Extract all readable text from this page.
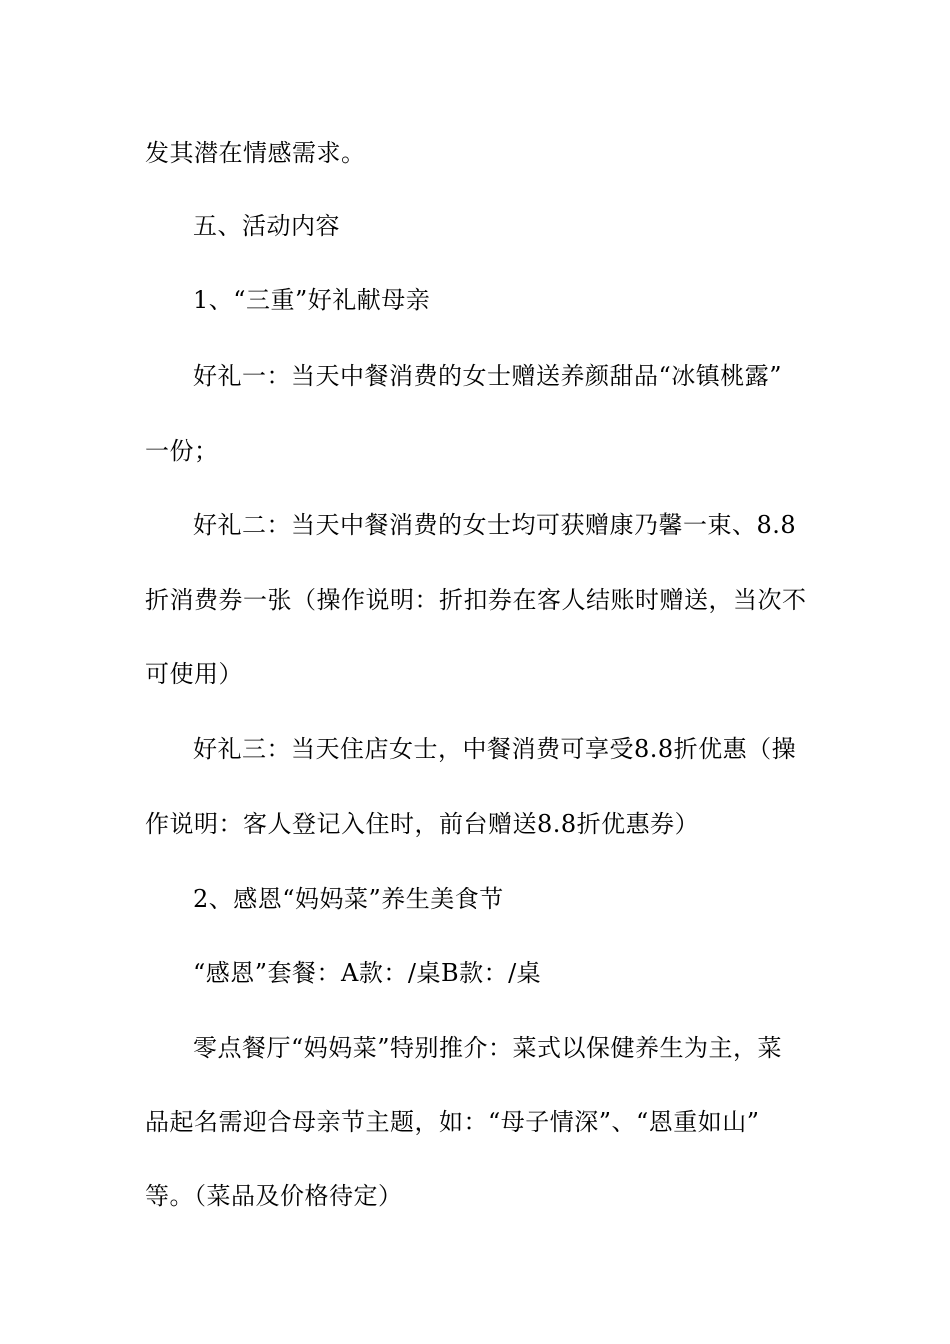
发其潜在情感需求。
五、活动内容
1、“三重”好礼献母亲
好礼一：当天中餐消费的女士赠送养颜甜品“冰镇桃露”
一份；
好礼二：当天中餐消费的女士均可获赠康乃馨一束、8.8
折消费券一张（操作说明：折扣券在客人结账时赠送，当次不
可使用）
好礼三：当天住店女士，中餐消费可享受8.8折优惠（操
作说明：客人登记入住时，前台赠送8.8折优惠券）
2、感恩“妈妈菜”养生美食节
“感恩”套餐：A款：/桌B款：/桌
零点餐厅“妈妈菜”特别推介：菜式以保健养生为主，菜
品起名需迎合母亲节主题，如：“母子情深”、“恩重如山”
等。（菜品及价格待定）
